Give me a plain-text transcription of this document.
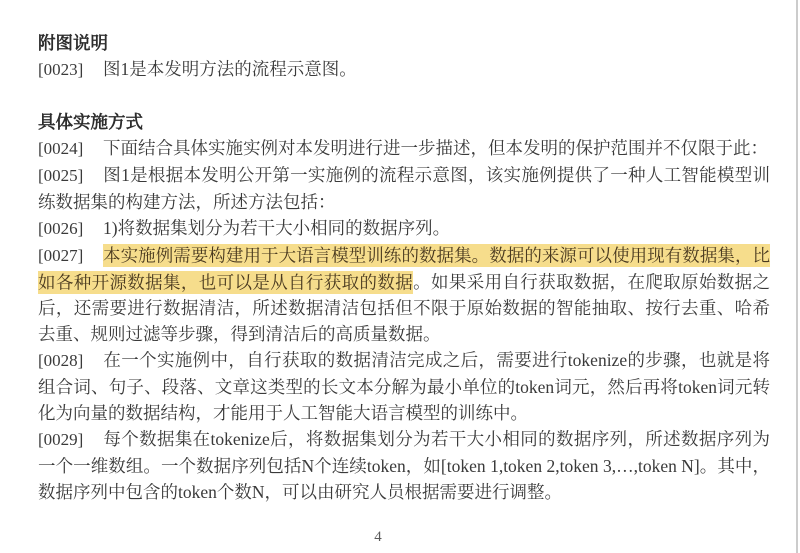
附图说明

[0023] 图1是本发明方法的流程示意图。

具体实施方式

[0024] 下面结合具体实施实例对本发明进行进一步描述，但本发明的保护范围并不仅限于此：

[0025] 图1是根据本发明公开第一实施例的流程示意图，该实施例提供了一种人工智能模型训练数据集的构建方法，所述方法包括：

[0026] 1)将数据集划分为若干大小相同的数据序列。

[0027] 本实施例需要构建用于大语言模型训练的数据集。数据的来源可以使用现有数据集，比如各种开源数据集，也可以是从自行获取的数据。如果采用自行获取数据，在爬取原始数据之后，还需要进行数据清洁，所述数据清洁包括但不限于原始数据的智能抽取、按行去重、哈希去重、规则过滤等步骤，得到清洁后的高质量数据。

[0028] 在一个实施例中，自行获取的数据清洁完成之后，需要进行tokenize的步骤，也就是将组合词、句子、段落、文章这类型的长文本分解为最小单位的token词元，然后再将token词元转化为向量的数据结构，才能用于人工智能大语言模型的训练中。

[0029] 每个数据集在tokenize后，将数据集划分为若干大小相同的数据序列，所述数据序列为一个一维数组。一个数据序列包括N个连续token，如[token 1,token 2,token 3,…,token N]。其中，数据序列中包含的token个数N，可以由研究人员根据需要进行调整。

4
